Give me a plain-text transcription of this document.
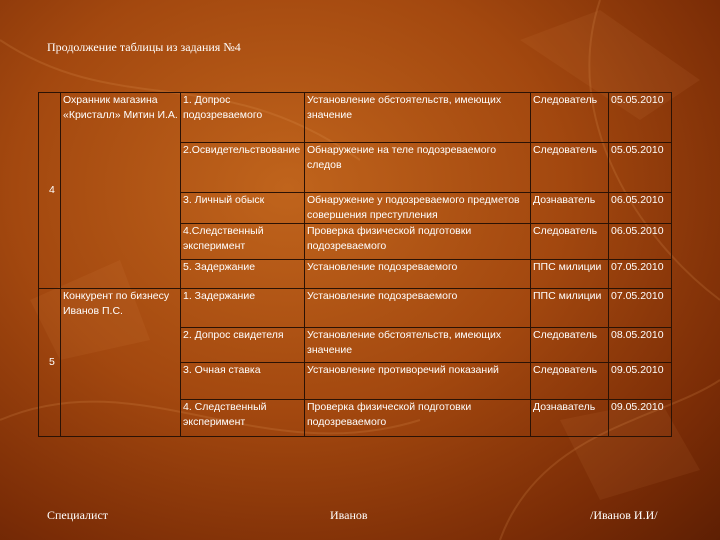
Продолжение таблицы из задания №4
4	Охранник магазина «Кристалл» Митин И.А.	1. Допрос подозреваемого	Установление обстоятельств, имеющих значение	Следователь	05.05.2010
		2.Освидетельствование	Обнаружение на теле подозреваемого следов	Следователь	05.05.2010
		3. Личный обыск	Обнаружение у подозреваемого предметов совершения преступления	Дознаватель	06.05.2010
		4.Следственный эксперимент	Проверка физической подготовки подозреваемого	Следователь	06.05.2010
		5. Задержание	Установление подозреваемого	ППС милиции	07.05.2010
5	Конкурент по бизнесу Иванов П.С.	1. Задержание	Установление подозреваемого	ППС милиции	07.05.2010
		2. Допрос свидетеля	Установление обстоятельств, имеющих значение	Следователь	08.05.2010
		3. Очная ставка	Установление противоречий показаний	Следователь	09.05.2010
		4. Следственный эксперимент	Проверка физической подготовки подозреваемого	Дознаватель	09.05.2010
Специалист	Иванов	/Иванов И.И/
